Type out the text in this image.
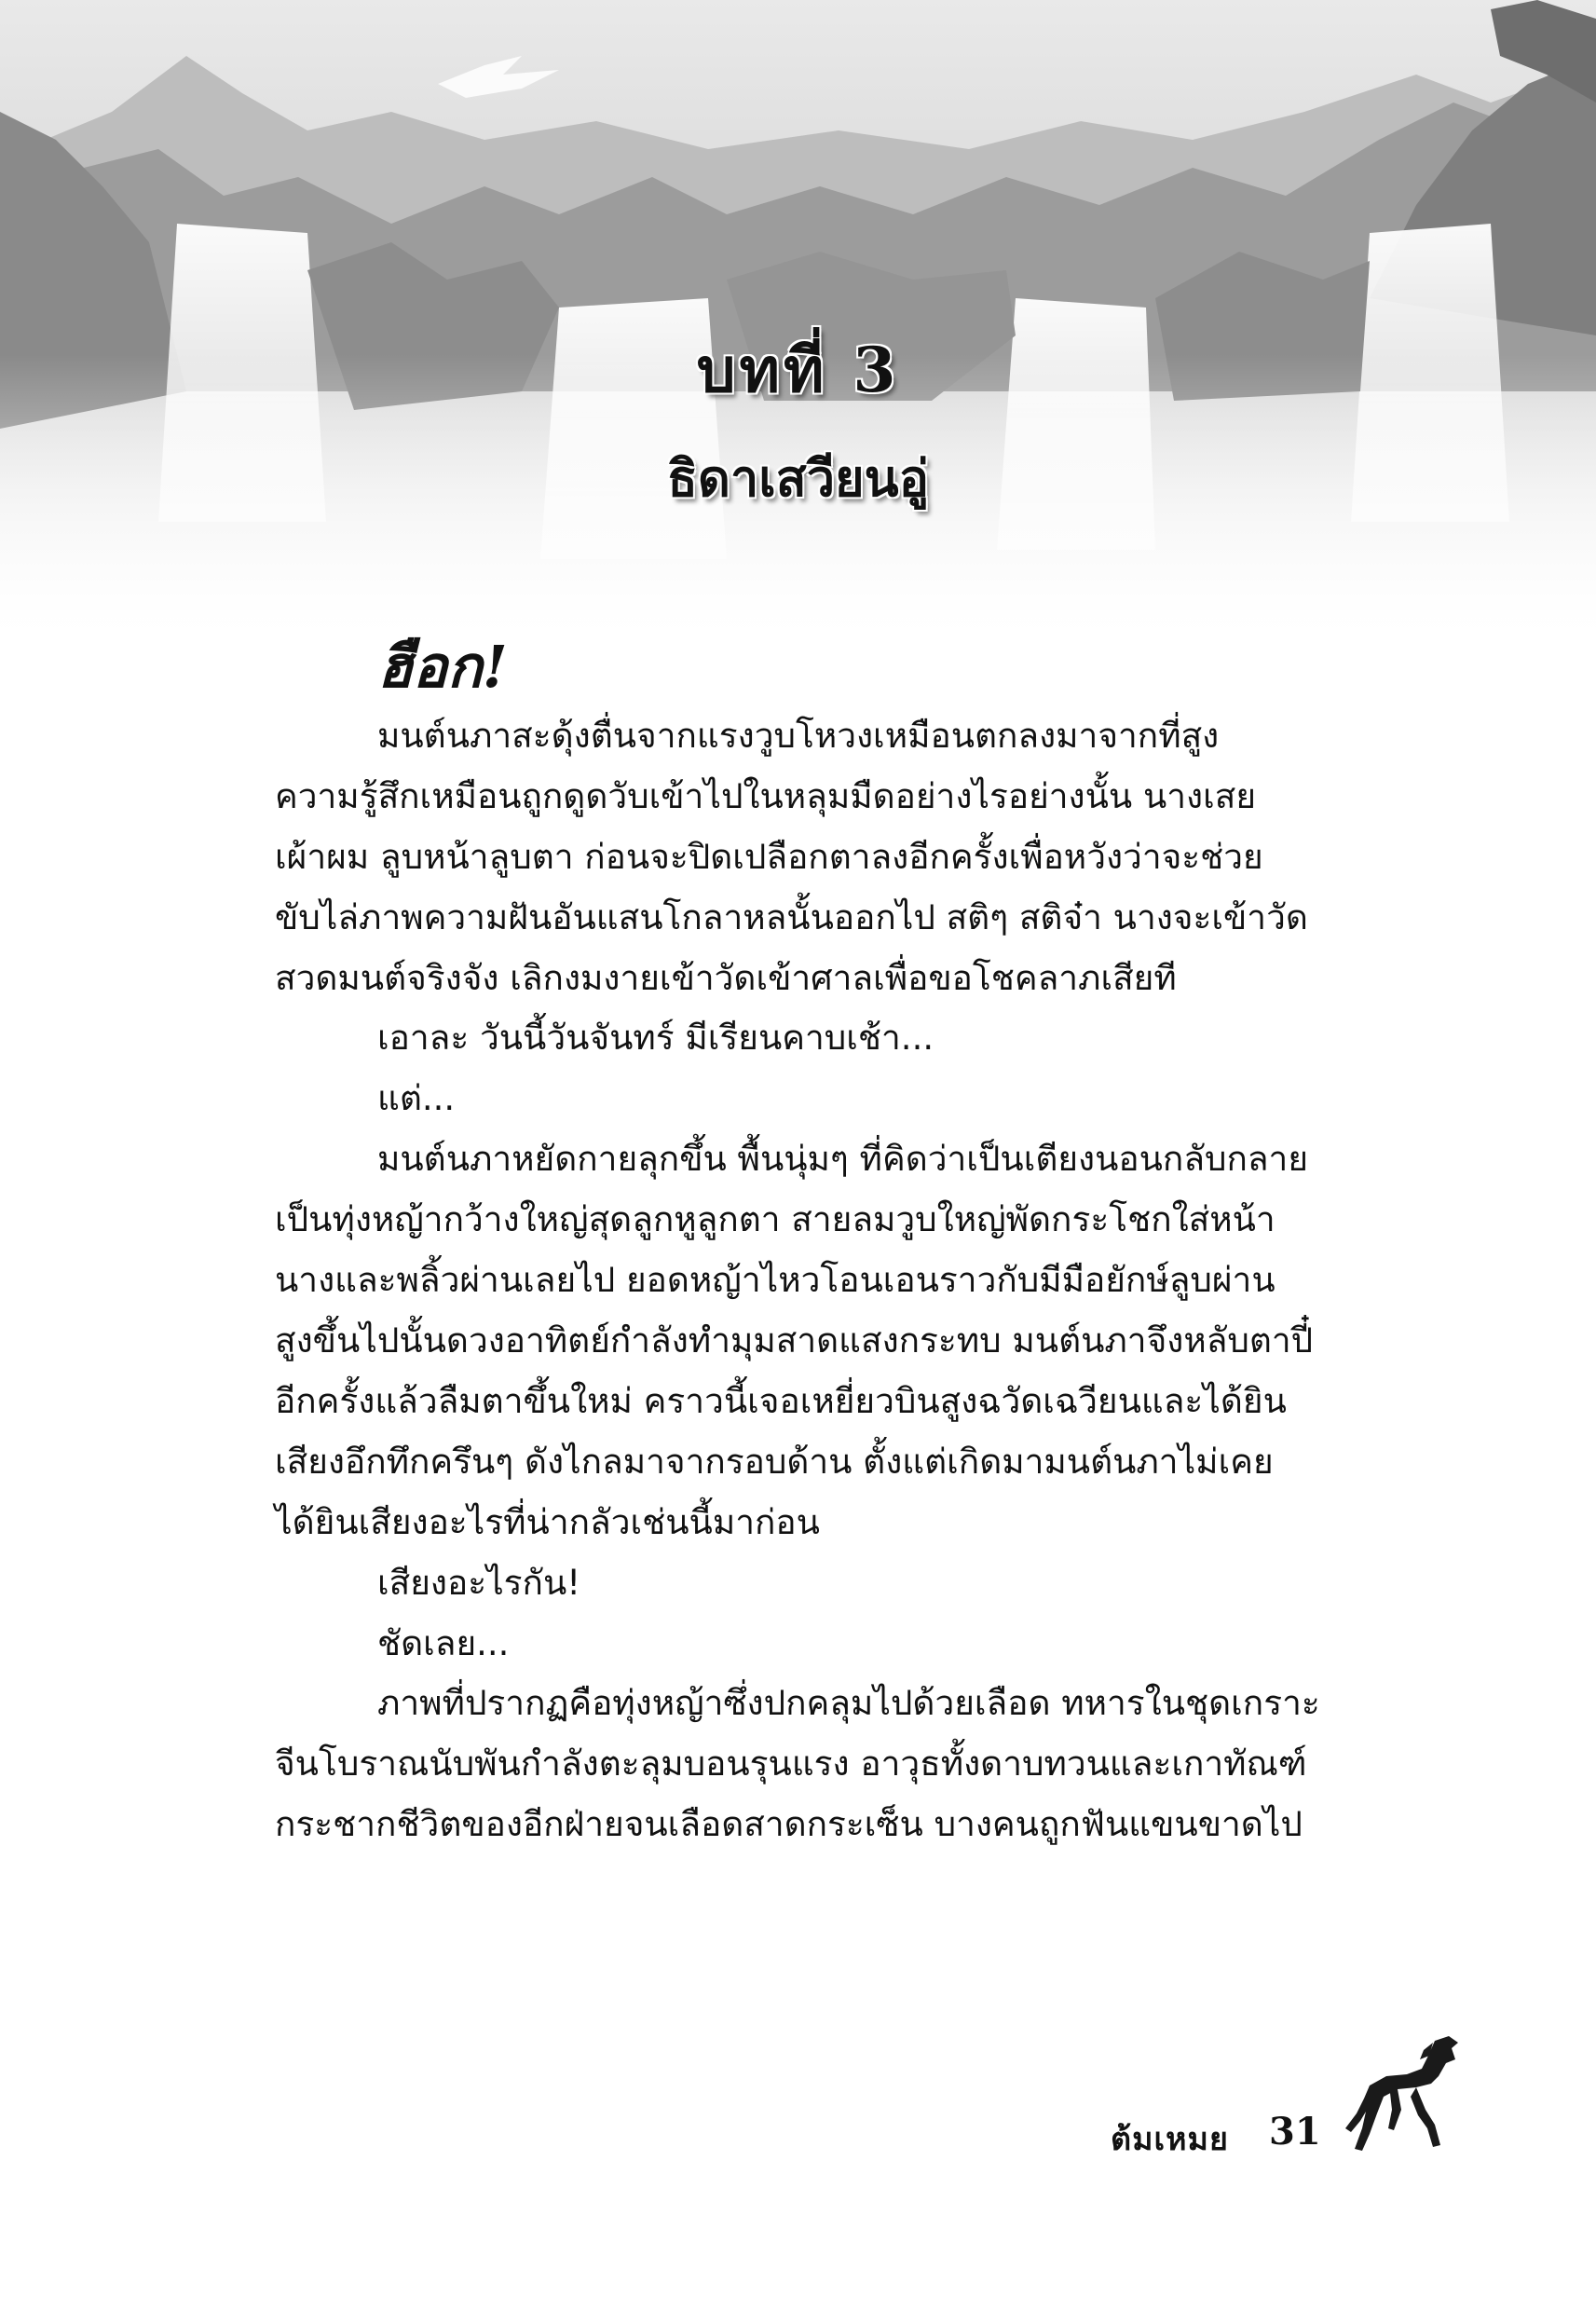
บทที่ 3
ธิดาเสวียนอู่

ฮือก!

มนต์นภาสะดุ้งตื่นจากแรงวูบโหวงเหมือนตกลงมาจากที่สูง
ความรู้สึกเหมือนถูกดูดวับเข้าไปในหลุมมืดอย่างไรอย่างนั้น นางเสย
เผ้าผม ลูบหน้าลูบตา ก่อนจะปิดเปลือกตาลงอีกครั้งเพื่อหวังว่าจะช่วย
ขับไล่ภาพความฝันอันแสนโกลาหลนั้นออกไป สติๆ สติจ๋า นางจะเข้าวัด
สวดมนต์จริงจัง เลิกงมงายเข้าวัดเข้าศาลเพื่อขอโชคลาภเสียที
เอาละ วันนี้วันจันทร์ มีเรียนคาบเช้า...
แต่...
มนต์นภาหยัดกายลุกขึ้น พื้นนุ่มๆ ที่คิดว่าเป็นเตียงนอนกลับกลาย
เป็นทุ่งหญ้ากว้างใหญ่สุดลูกหูลูกตา สายลมวูบใหญ่พัดกระโชกใส่หน้า
นางและพลิ้วผ่านเลยไป ยอดหญ้าไหวโอนเอนราวกับมีมือยักษ์ลูบผ่าน
สูงขึ้นไปนั้นดวงอาทิตย์กำลังทำมุมสาดแสงกระทบ มนต์นภาจึงหลับตาปี๋
อีกครั้งแล้วลืมตาขึ้นใหม่ คราวนี้เจอเหยี่ยวบินสูงฉวัดเฉวียนและได้ยิน
เสียงอึกทึกครึนๆ ดังไกลมาจากรอบด้าน ตั้งแต่เกิดมามนต์นภาไม่เคย
ได้ยินเสียงอะไรที่น่ากลัวเช่นนี้มาก่อน
เสียงอะไรกัน!
ชัดเลย...
ภาพที่ปรากฏคือทุ่งหญ้าซึ่งปกคลุมไปด้วยเลือด ทหารในชุดเกราะ
จีนโบราณนับพันกำลังตะลุมบอนรุนแรง อาวุธทั้งดาบทวนและเกาทัณฑ์
กระชากชีวิตของอีกฝ่ายจนเลือดสาดกระเซ็น บางคนถูกฟันแขนขาดไป
ต้มเหมย 31
